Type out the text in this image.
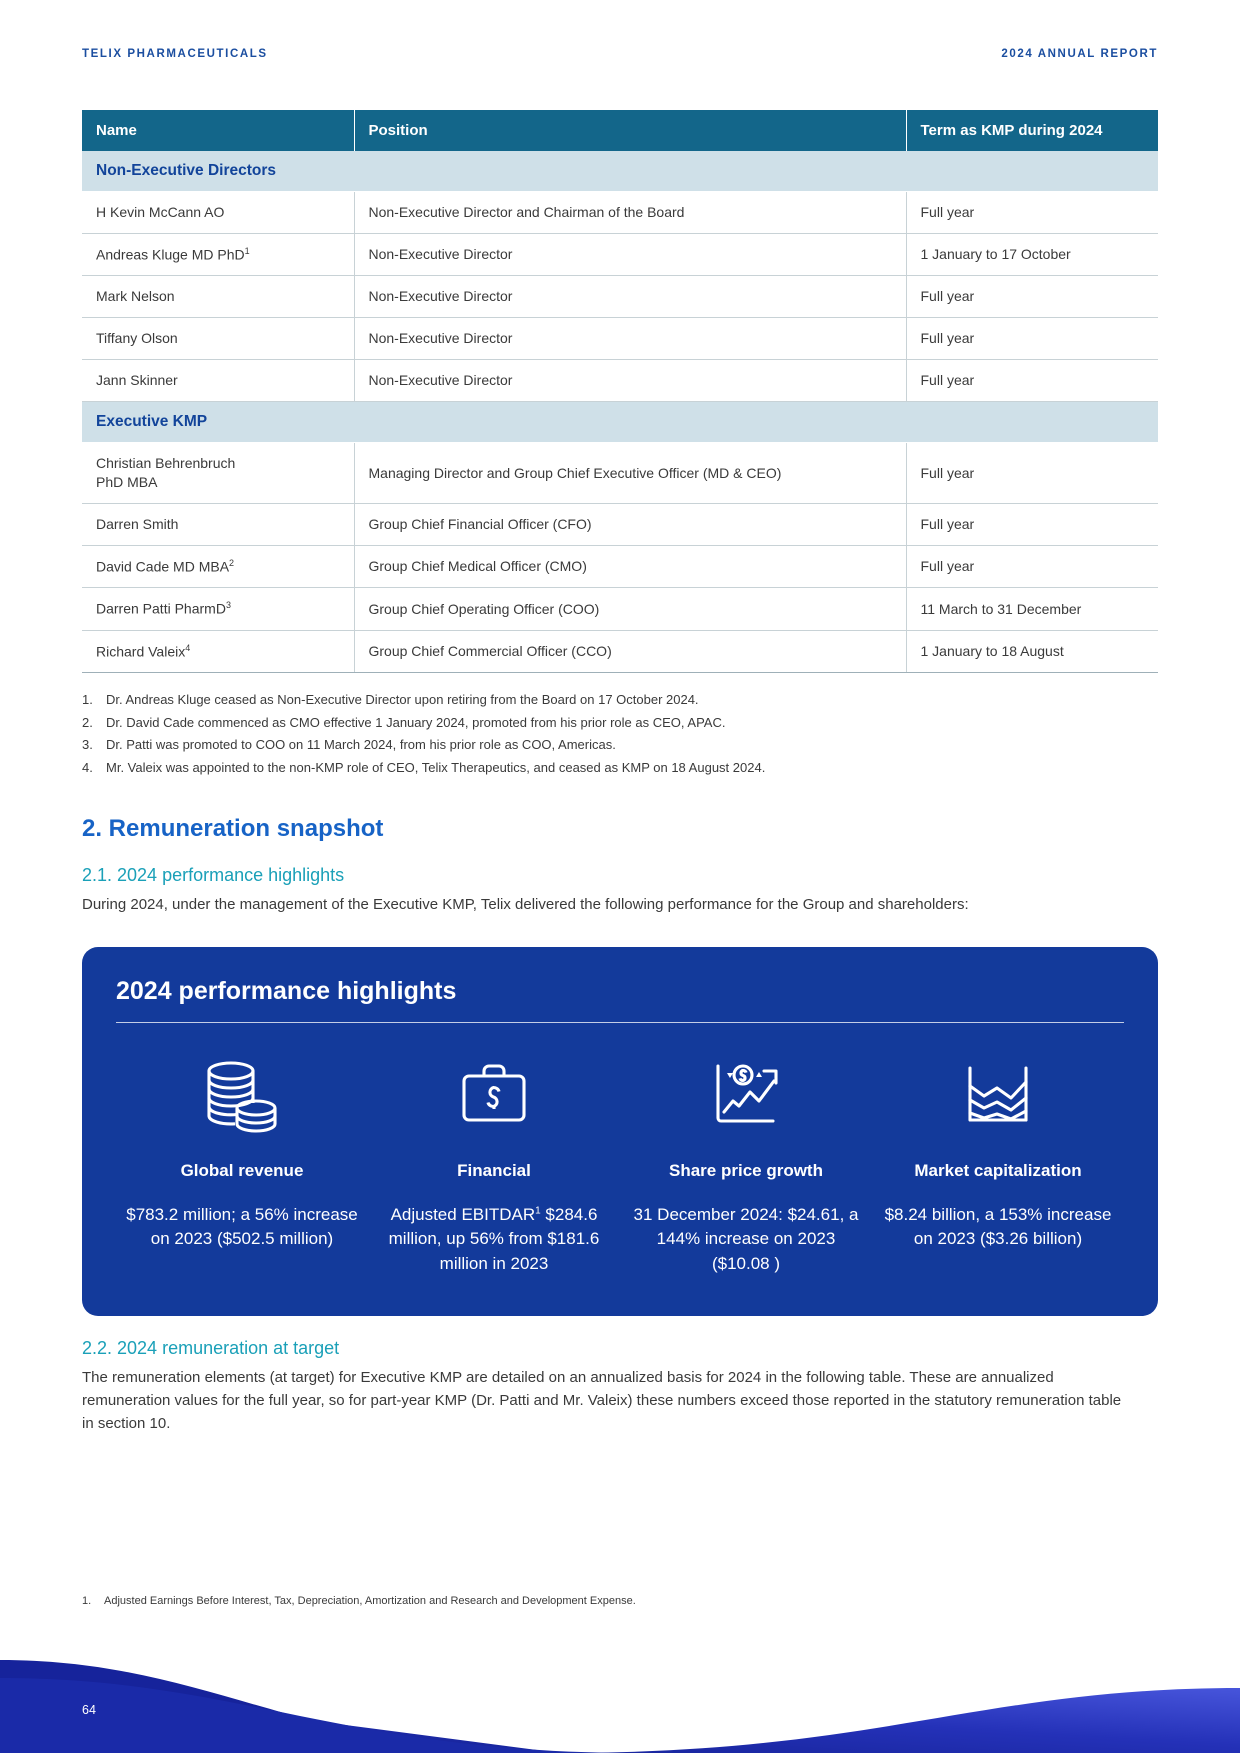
TELIX PHARMACEUTICALS	2024 ANNUAL REPORT
Name	Position	Term as KMP during 2024
Non-Executive Directors		
H Kevin McCann AO	Non-Executive Director and Chairman of the Board	Full year
Andreas Kluge MD PhD$^1$	Non-Executive Director	1 January to 17 October
Mark Nelson	Non-Executive Director	Full year
Tiffany Olson	Non-Executive Director	Full year
Jann Skinner	Non-Executive Director	Full year
Executive KMP		
Christian Behrenbruch
PhD MBA	Managing Director and Group Chief Executive Officer (MD & CEO)	Full year
Darren Smith	Group Chief Financial Officer (CFO)	Full year
David Cade MD MBA$^2$	Group Chief Medical Officer (CMO)	Full year
Darren Patti PharmD$^3$	Group Chief Operating Officer (COO)	11 March to 31 December
Richard Valeix$^4$	Group Chief Commercial Officer (CCO)	1 January to 18 August
1. Dr. Andreas Kluge ceased as Non-Executive Director upon retiring from the Board on 17 October 2024.
2. Dr. David Cade commenced as CMO effective 1 January 2024, promoted from his prior role as CEO, APAC.
3. Dr. Patti was promoted to COO on 11 March 2024, from his prior role as COO, Americas.
4. Mr. Valeix was appointed to the non-KMP role of CEO, Telix Therapeutics, and ceased as KMP on 18 August 2024.
2. Remuneration snapshot
2.1. 2024 performance highlights

During 2024, under the management of the Executive KMP, Telix delivered the following performance for the Group and shareholders:

2024 performance highlights
Global revenue
$783.2 million; a 56% increase on 2023 ($502.5 million)
Financial
Adjusted EBITDAR$^1$ $284.6 million, up 56% from $181.6 million in 2023
Share price growth
31 December 2024: $24.61, a 144% increase on 2023 ($10.08 )
Market capitalization
$8.24 billion, a 153% increase on 2023 ($3.26 billion)
2.2. 2024 remuneration at target

The remuneration elements (at target) for Executive KMP are detailed on an annualized basis for 2024 in the following table. These are annualized remuneration values for the full year, so for part-year KMP (Dr. Patti and Mr. Valeix) these numbers exceed those reported in the statutory remuneration table in section 10.

1. Adjusted Earnings Before Interest, Tax, Depreciation, Amortization and Research and Development Expense.
64
